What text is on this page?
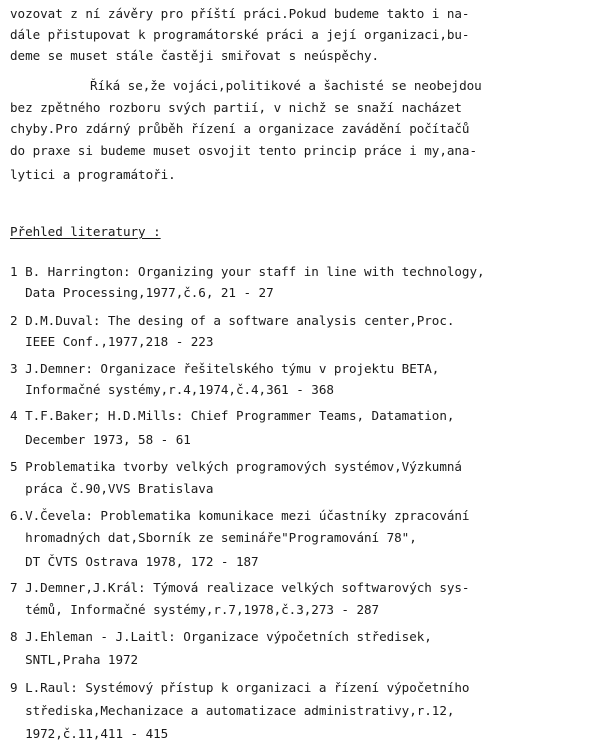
vozovat z ní závěry pro příští práci.Pokud budeme takto i na-
dále přistupovat k programátorské práci a její organizaci,bu-
deme se muset stále častěji smiřovat s neúspěchy.
Říká se,že vojáci,politikové a šachisté se neobejdou
bez zpětného rozboru svých partií, v nichž se snaží nacházet
chyby.Pro zdárný průběh řízení a organizace zavádění počítačů
do praxe si budeme muset osvojit tento princip práce i my,ana-
lytici a programátoři.
Přehled literatury :
1 B. Harrington: Organizing your staff in line with technology,
Data Processing,1977,č.6, 21 - 27
2 D.M.Duval: The desing of a software analysis center,Proc.
IEEE Conf.,1977,218 - 223
3 J.Demner: Organizace řešitelského týmu v projektu BETA,
Informačné systémy,r.4,1974,č.4,361 - 368
4 T.F.Baker; H.D.Mills: Chief Programmer Teams, Datamation,
December 1973, 58 - 61
5 Problematika tvorby velkých programových systémov,Výzkumná
práca č.90,VVS Bratislava
6.V.Čevela: Problematika komunikace mezi účastníky zpracování
hromadných dat,Sborník ze semináře"Programování 78",
DT ČVTS Ostrava 1978, 172 - 187
7 J.Demner,J.Král: Týmová realizace velkých softwarových sys-
témů, Informačné systémy,r.7,1978,č.3,273 - 287
8 J.Ehleman - J.Laitl: Organizace výpočetních středisek,
SNTL,Praha 1972
9 L.Raul: Systémový přístup k organizaci a řízení výpočetního
střediska,Mechanizace a automatizace administrativy,r.12,
1972,č.11,411 - 415
